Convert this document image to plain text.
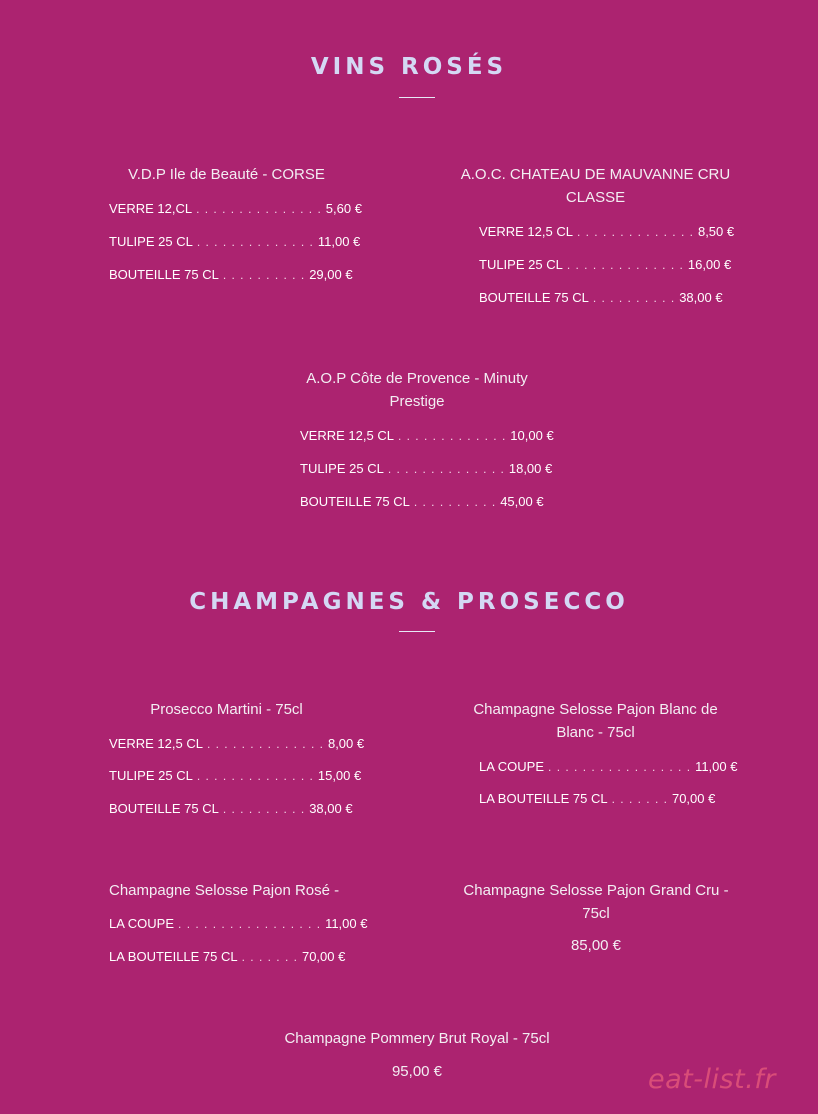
VINS ROSÉS
V.D.P Ile de Beauté - CORSE
VERRE 12,CL . . . . . . . . . . . . . . . 5,60 €
TULIPE 25 CL . . . . . . . . . . . . . . 11,00 €
BOUTEILLE 75 CL . . . . . . . . . . 29,00 €
A.O.C. CHATEAU DE MAUVANNE CRU
CLASSE
VERRE 12,5 CL . . . . . . . . . . . . . . 8,50 €
TULIPE 25 CL . . . . . . . . . . . . . . 16,00 €
BOUTEILLE 75 CL . . . . . . . . . . 38,00 €
A.O.P Côte de Provence - Minuty
Prestige
VERRE 12,5 CL . . . . . . . . . . . . . 10,00 €
TULIPE 25 CL . . . . . . . . . . . . . . 18,00 €
BOUTEILLE 75 CL . . . . . . . . . . 45,00 €
CHAMPAGNES & PROSECCO
Prosecco Martini - 75cl
VERRE 12,5 CL . . . . . . . . . . . . . . 8,00 €
TULIPE 25 CL . . . . . . . . . . . . . . 15,00 €
BOUTEILLE 75 CL . . . . . . . . . . 38,00 €
Champagne Selosse Pajon Blanc de
Blanc - 75cl
LA COUPE . . . . . . . . . . . . . . . . . 11,00 €
LA BOUTEILLE 75 CL . . . . . . . 70,00 €
Champagne Selosse Pajon Rosé -
LA COUPE . . . . . . . . . . . . . . . . . 11,00 €
LA BOUTEILLE 75 CL . . . . . . . 70,00 €
Champagne Selosse Pajon Grand Cru -
75cl
85,00 €
Champagne Pommery Brut Royal - 75cl
95,00 €	eat-list.fr
